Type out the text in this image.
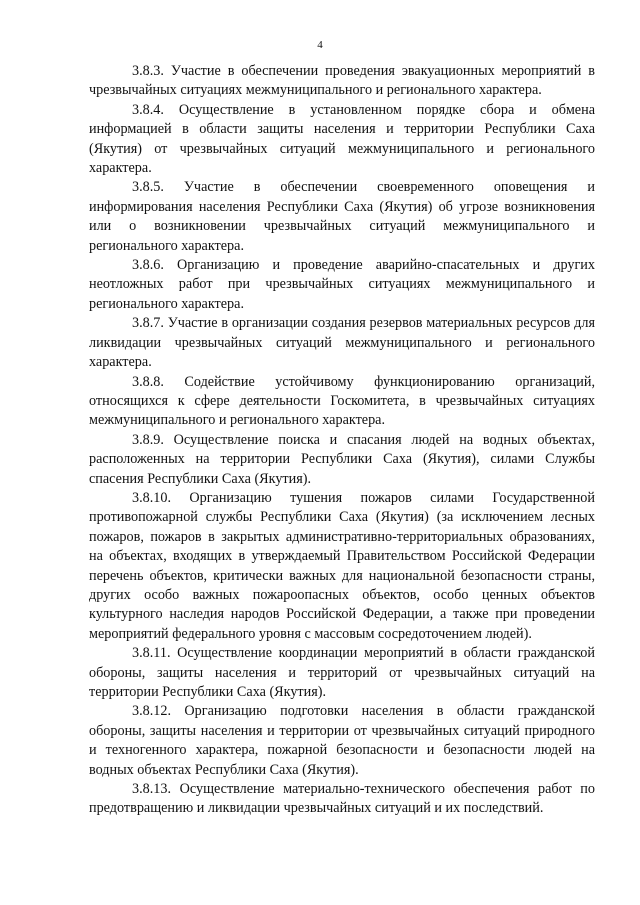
4

3.8.3. Участие в обеспечении проведения эвакуационных мероприятий в чрезвычайных ситуациях межмуниципального и регионального характера.

3.8.4. Осуществление в установленном порядке сбора и обмена информацией в области защиты населения и территории Республики Саха (Якутия) от чрезвычайных ситуаций межмуниципального и регионального характера.

3.8.5. Участие в обеспечении своевременного оповещения и информирования населения Республики Саха (Якутия) об угрозе возникновения или о возникновении чрезвычайных ситуаций межмуниципального и регионального характера.

3.8.6. Организацию и проведение аварийно-спасательных и других неотложных работ при чрезвычайных ситуациях межмуниципального и регионального характера.

3.8.7. Участие в организации создания резервов материальных ресурсов для ликвидации чрезвычайных ситуаций межмуниципального и регионального характера.

3.8.8. Содействие устойчивому функционированию организаций, относящихся к сфере деятельности Госкомитета, в чрезвычайных ситуациях межмуниципального и регионального характера.

3.8.9. Осуществление поиска и спасания людей на водных объектах, расположенных на территории Республики Саха (Якутия), силами Службы спасения Республики Саха (Якутия).

3.8.10. Организацию тушения пожаров силами Государственной противопожарной службы Республики Саха (Якутия) (за исключением лесных пожаров, пожаров в закрытых административно-территориальных образованиях, на объектах, входящих в утверждаемый Правительством Российской Федерации перечень объектов, критически важных для национальной безопасности страны, других особо важных пожароопасных объектов, особо ценных объектов культурного наследия народов Российской Федерации, а также при проведении мероприятий федерального уровня с массовым сосредоточением людей).

3.8.11. Осуществление координации мероприятий в области гражданской обороны, защиты населения и территорий от чрезвычайных ситуаций на территории Республики Саха (Якутия).

3.8.12. Организацию подготовки населения в области гражданской обороны, защиты населения и территории от чрезвычайных ситуаций природного и техногенного характера, пожарной безопасности и безопасности людей на водных объектах Республики Саха (Якутия).

3.8.13. Осуществление материально-технического обеспечения работ по предотвращению и ликвидации чрезвычайных ситуаций и их последствий.
